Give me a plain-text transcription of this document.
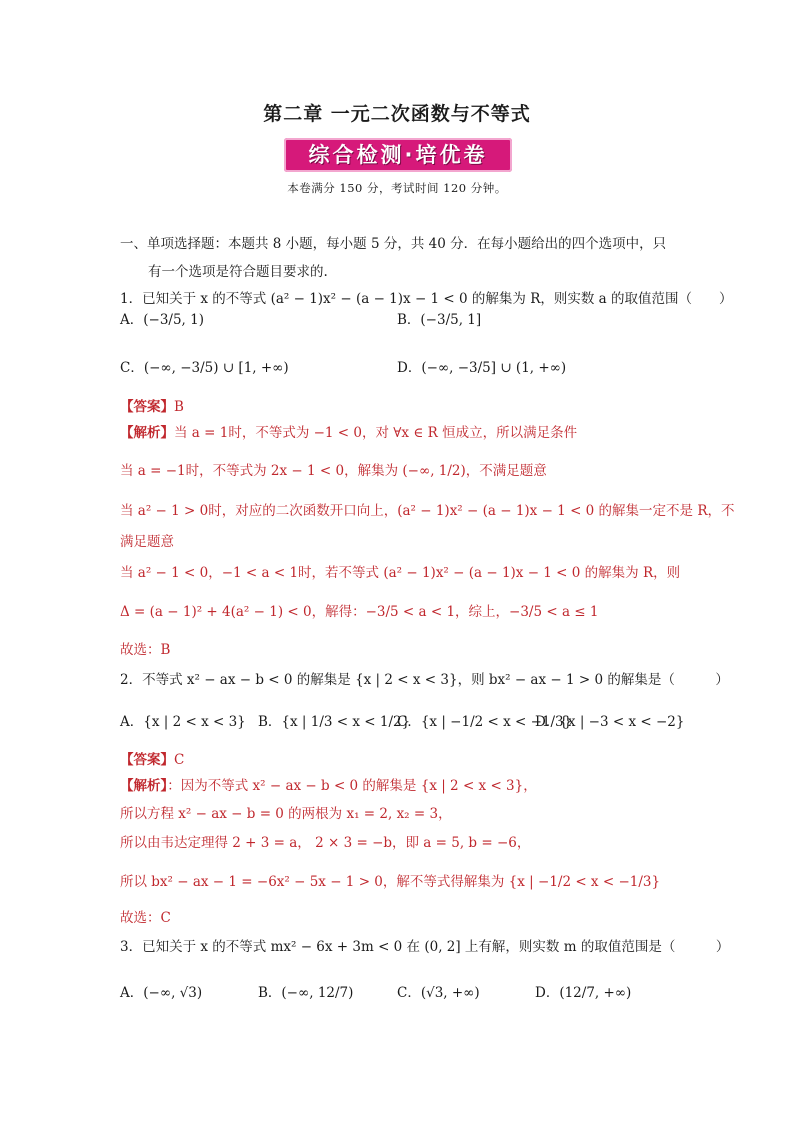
第二章 一元二次函数与不等式
综合检测·培优卷
本卷满分 150 分，考试时间 120 分钟。
一、单项选择题：本题共 8 小题，每小题 5 分，共 40 分．在每小题给出的四个选项中，只
有一个选项是符合题目要求的.
1．已知关于 x 的不等式 (a² − 1)x² − (a − 1)x − 1 < 0 的解集为 R，则实数 a 的取值范围（　　）
A．(−3/5, 1)	B．(−3/5, 1]
C．(−∞, −3/5) ∪ [1, +∞)	D．(−∞, −3/5] ∪ (1, +∞)
【答案】B
【解析】当 a = 1时，不等式为 −1 < 0，对 ∀x ∈ R 恒成立，所以满足条件
当 a = −1时，不等式为 2x − 1 < 0，解集为 (−∞, 1/2)，不满足题意
当 a² − 1 > 0时，对应的二次函数开口向上，(a² − 1)x² − (a − 1)x − 1 < 0 的解集一定不是 R，不
满足题意
当 a² − 1 < 0，−1 < a < 1时，若不等式 (a² − 1)x² − (a − 1)x − 1 < 0 的解集为 R，则
Δ = (a − 1)² + 4(a² − 1) < 0，解得：−3/5 < a < 1，综上，−3/5 < a ≤ 1
故选：B
2．不等式 x² − ax − b < 0 的解集是 {x | 2 < x < 3}，则 bx² − ax − 1 > 0 的解集是（　　　）
A．{x | 2 < x < 3} B．{x | 1/3 < x < 1/2}
C．{x | −1/2 < x < −1/3}
D．{x | −3 < x < −2}
【答案】C
【解析】：因为不等式 x² − ax − b < 0 的解集是 {x | 2 < x < 3}，
所以方程 x² − ax − b = 0 的两根为 x₁ = 2, x₂ = 3，
所以由韦达定理得 2 + 3 = a， 2 × 3 = −b，即 a = 5, b = −6，
所以 bx² − ax − 1 = −6x² − 5x − 1 > 0，解不等式得解集为 {x | −1/2 < x < −1/3}
故选：C
3．已知关于 x 的不等式 mx² − 6x + 3m < 0 在 (0, 2] 上有解，则实数 m 的取值范围是（　　　）
A．(−∞, √3)	B．(−∞, 12/7)	C．(√3, +∞)	D．(12/7, +∞)
